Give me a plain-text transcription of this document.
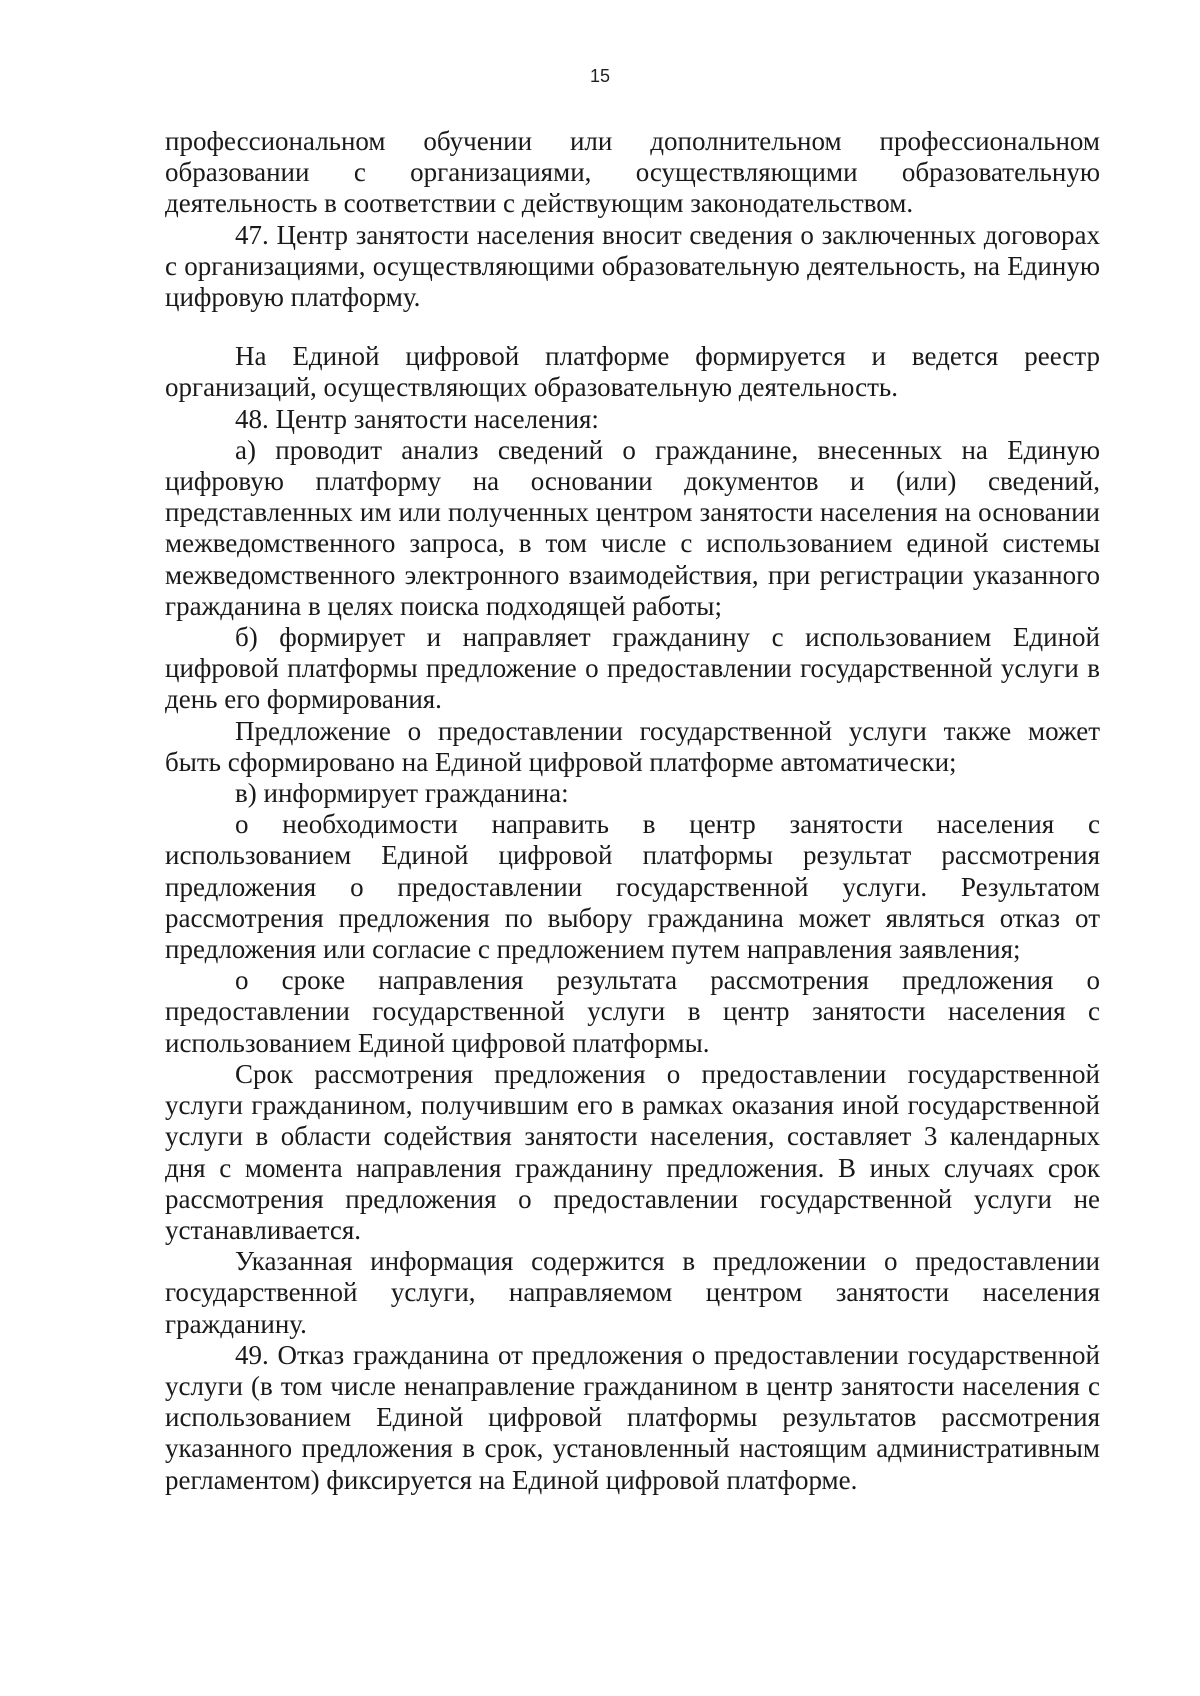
15

профессиональном обучении или дополнительном профессиональном образовании с организациями, осуществляющими образовательную деятельность в соответствии с действующим законодательством.

47. Центр занятости населения вносит сведения о заключенных договорах с организациями, осуществляющими образовательную деятельность, на Единую цифровую платформу.

На Единой цифровой платформе формируется и ведется реестр организаций, осуществляющих образовательную деятельность.

48. Центр занятости населения:

а) проводит анализ сведений о гражданине, внесенных на Единую цифровую платформу на основании документов и (или) сведений, представленных им или полученных центром занятости населения на основании межведомственного запроса, в том числе с использованием единой системы межведомственного электронного взаимодействия, при регистрации указанного гражданина в целях поиска подходящей работы;

б) формирует и направляет гражданину с использованием Единой цифровой платформы предложение о предоставлении государственной услуги в день его формирования.

Предложение о предоставлении государственной услуги также может быть сформировано на Единой цифровой платформе автоматически;

в) информирует гражданина:

о необходимости направить в центр занятости населения с использованием Единой цифровой платформы результат рассмотрения предложения о предоставлении государственной услуги. Результатом рассмотрения предложения по выбору гражданина может являться отказ от предложения или согласие с предложением путем направления заявления;

о сроке направления результата рассмотрения предложения о предоставлении государственной услуги в центр занятости населения с использованием Единой цифровой платформы.

Срок рассмотрения предложения о предоставлении государственной услуги гражданином, получившим его в рамках оказания иной государственной услуги в области содействия занятости населения, составляет 3 календарных дня с момента направления гражданину предложения. В иных случаях срок рассмотрения предложения о предоставлении государственной услуги не устанавливается.

Указанная информация содержится в предложении о предоставлении государственной услуги, направляемом центром занятости населения гражданину.

49. Отказ гражданина от предложения о предоставлении государственной услуги (в том числе ненаправление гражданином в центр занятости населения с использованием Единой цифровой платформы результатов рассмотрения указанного предложения в срок, установленный настоящим административным регламентом) фиксируется на Единой цифровой платформе.
